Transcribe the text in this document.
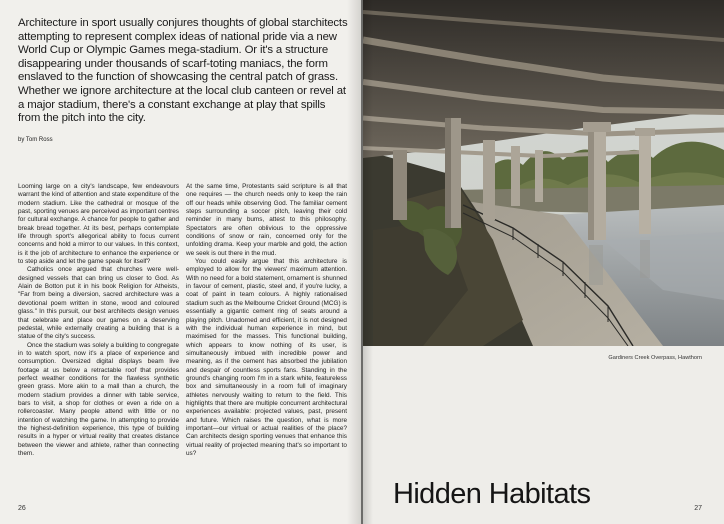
Architecture in sport usually conjures thoughts of global starchitects attempting to represent complex ideas of national pride via a new World Cup or Olympic Games mega-stadium. Or it's a structure disappearing under thousands of scarf-toting maniacs, the form enslaved to the function of showcasing the central patch of grass. Whether we ignore architecture at the local club canteen or revel at a major stadium, there's a constant exchange at play that spills from the pitch into the city.

by Tom Ross

Looming large on a city's landscape, few endeavours warrant the kind of attention and state expenditure of the modern stadium. Like the cathedral or mosque of the past, sporting venues are perceived as important centres for cultural exchange. A chance for people to gather and break bread together. At its best, perhaps contemplate life through sport's allegorical ability to focus current concerns and hold a mirror to our values. In this context, is it the job of architecture to enhance the experience or to step aside and let the game speak for itself?

Catholics once argued that churches were well-designed vessels that can bring us closer to God. As Alain de Botton put it in his book Religion for Atheists, "Far from being a diversion, sacred architecture was a devotional poem written in stone, wood and coloured glass." In this pursuit, our best architects design venues that celebrate and place our games on a deserving pedestal, while externally creating a building that is a statue of the city's success.

Once the stadium was solely a building to congregate in to watch sport, now it's a place of experience and consumption. Oversized digital displays beam live footage at us below a retractable roof that provides perfect weather conditions for the flawless synthetic green grass. More akin to a mall than a church, the modern stadium provides a dinner with table service, bars to visit, a shop for clothes or even a ride on a rollercoaster. Many people attend with little or no intention of watching the game. In attempting to provide the highest-definition experience, this type of building results in a hyper or virtual reality that creates distance between the viewer and athlete, rather than connecting them.

At the same time, Protestants said scripture is all that one requires — the church needs only to keep the rain off our heads while observing God. The familiar cement steps surrounding a soccer pitch, leaving their cold reminder in many bums, attest to this philosophy. Spectators are often oblivious to the oppressive conditions of snow or rain, concerned only for the unfolding drama. Keep your marble and gold, the action we seek is out there in the mud.

You could easily argue that this architecture is employed to allow for the viewers' maximum attention. With no need for a bold statement, ornament is shunned in favour of cement, plastic, steel and, if you're lucky, a coat of paint in team colours. A highly rationalised stadium such as the Melbourne Cricket Ground (MCG) is essentially a gigantic cement ring of seats around a playing pitch. Unadorned and efficient, it is not designed with the individual human experience in mind, but maximised for the masses. This functional building, which appears to know nothing of its user, is simultaneously imbued with incredible power and meaning, as if the cement has absorbed the jubilation and despair of countless sports fans. Standing in the ground's changing room I'm in a stark white, featureless box and simultaneously in a room full of imaginary athletes nervously waiting to return to the field. This highlights that there are multiple concurrent architectural experiences available: projected values, past, present and future. Which raises the question, what is more important—our virtual or actual realities of the place? Can architects design sporting venues that enhance this virtual reality of projected meaning that's so important to us?

26
Gardiners Creek Overpass, Hawthorn
Hidden Habitats	27
